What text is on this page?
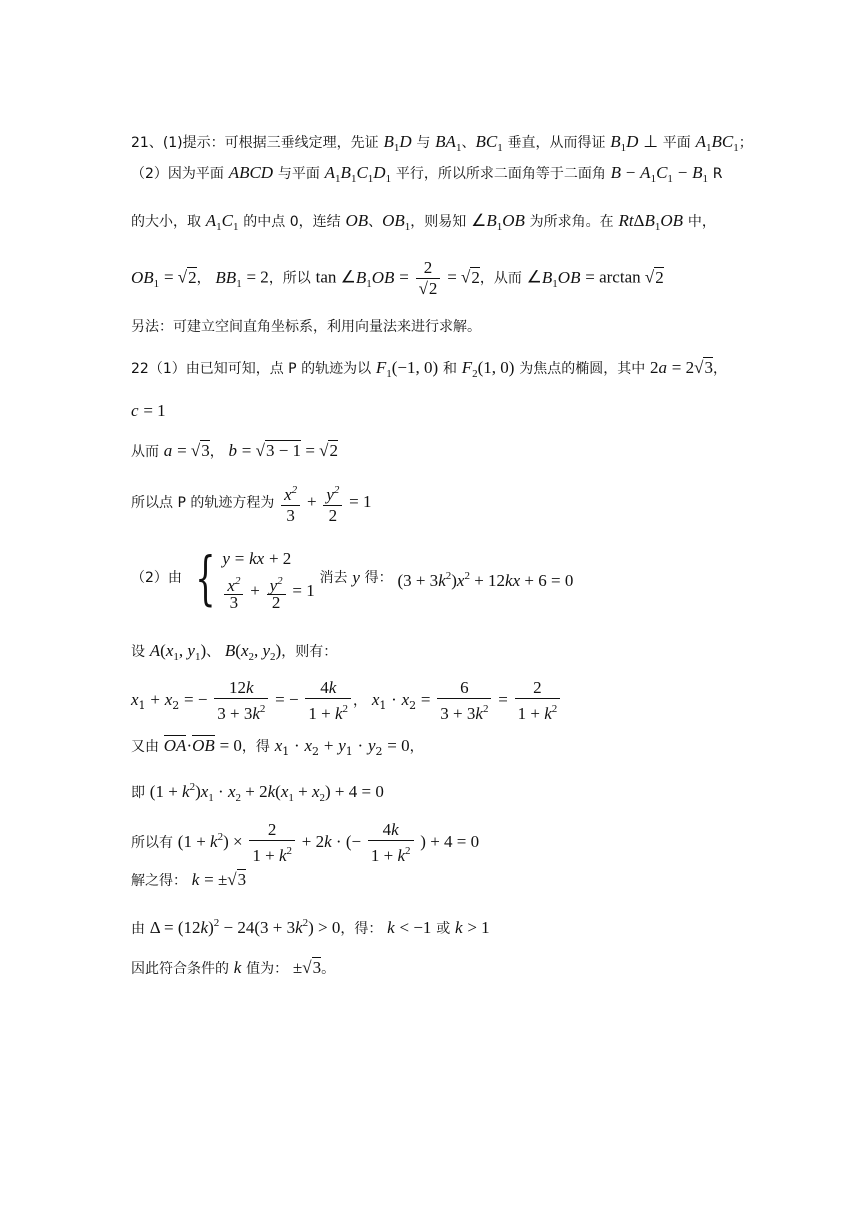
21、(1)提示：可根据三垂线定理，先证 $B_1D$ 与 $BA_1$、$BC_1$ 垂直，从而得证 $B_1D$ ⊥ 平面 $A_1BC_1$；
（2）因为平面 ABCD 与平面 $A_1B_1C_1D_1$ 平行，所以所求二面角等于二面角 $B - A_1C_1 - B_1$ R
的大小，取 $A_1C_1$ 的中点 0，连结 OB、$OB_1$，则易知 $\angle B_1OB$ 为所求角。在 RtΔB$_1$OB 中，
$OB_1 = √2$， $BB_1 = 2$，所以 $\tan \angle B_1OB = \frac{2}{√2} = √2$，从而 $\angle B_1OB = \arctan √2$
另法：可建立空间直角坐标系，利用向量法来进行求解。
22（1）由已知可知，点 P 的轨迹为以 $F_1(-1$, 0) 和 $F_2(1$, 0) 为焦点的椭圆，其中 2a = 2√3，
c = 1
从而 a = √3， b = √3 − 1 = √2
所以点 P 的轨迹方程为 $\frac{x^2}{3} + \frac{y^2}{2} = 1$
（2）由 { y = kx + 2
$\frac{x^2}{3} + \frac{y^2}{2} = 1$
消去 y 得： $(3 + 3k^2)x^2 + 12kx + 6 = 0$
设 $A(x_1$, $y_1$)、 $B(x_2$, $y_2$)，则有：
$x_1 + x_2$ = − $\frac{12k}{3 + 3k^2}$ = − $\frac{4k}{1 + k^2}$ ， $x_1 \cdot x_2 = \frac{6}{3 + 3k^2} = \frac{2}{1 + k^2}$
又由 OA·OB = 0，得 $x_1 \cdot x_2 + y_1 \cdot y_2 = 0$，
即 $(1 + k^2)x_1 \cdot x_2 + 2k(x_1 + x_2) + 4 = 0$
所以有 $(1 + k^2) \times \frac{2}{1 + k^2} + 2k$ · (− $\frac{4k}{1 + k^2}$ ) + 4 = 0
解之得： k = ±√3
由 $\Delta = (12k)^2 - 24(3 + 3k^2) > 0$，得： k < −1 或 k > 1
因此符合条件的 k 值为： ±√3。
